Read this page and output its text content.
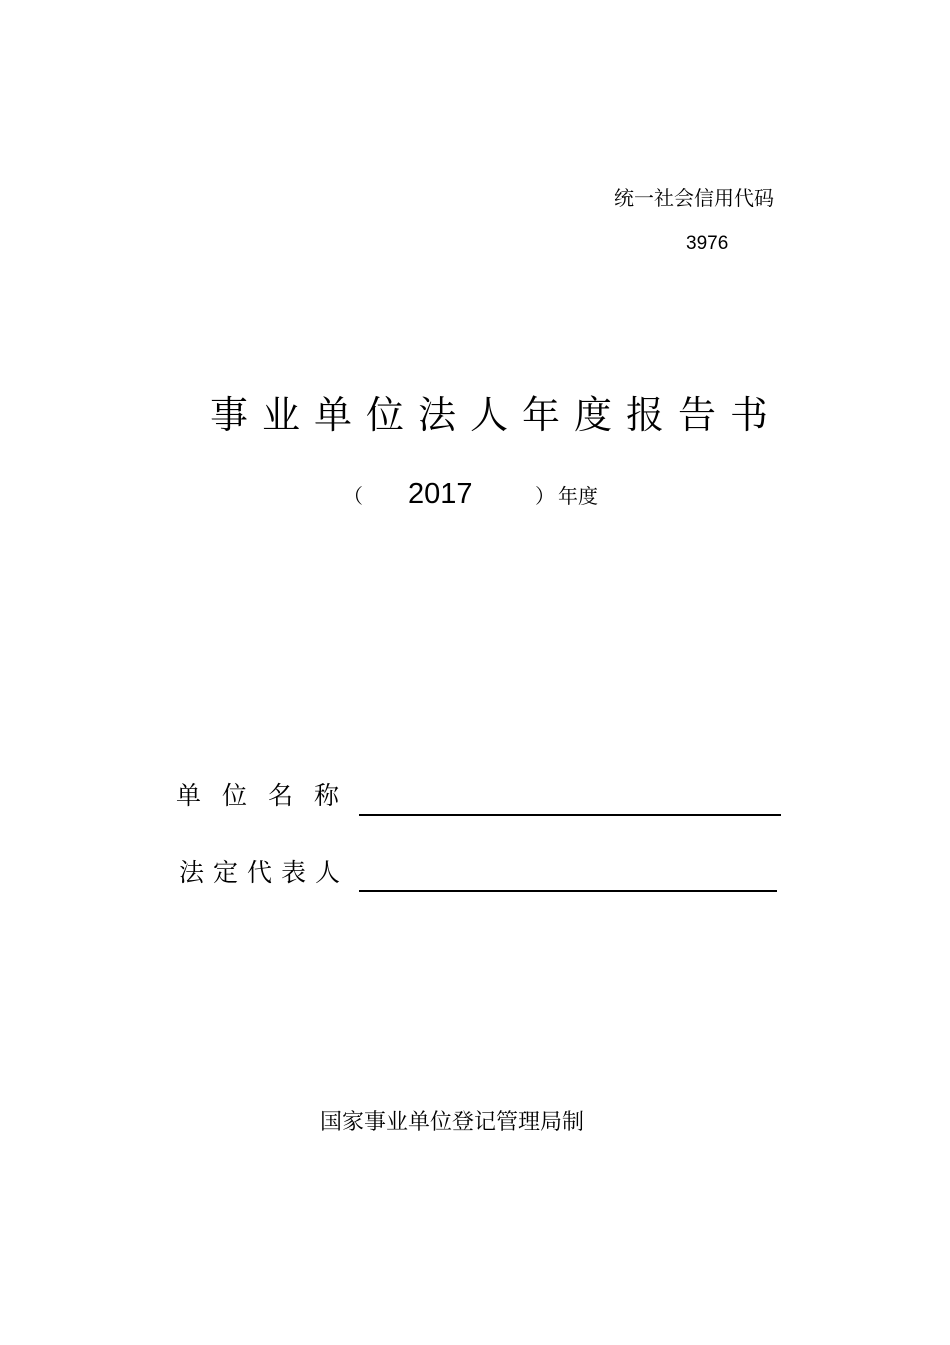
统一社会信用代码
3976
事业单位法人年度报告书
（ 2017	） 年度
单位名称
法定代表人
国家事业单位登记管理局制
